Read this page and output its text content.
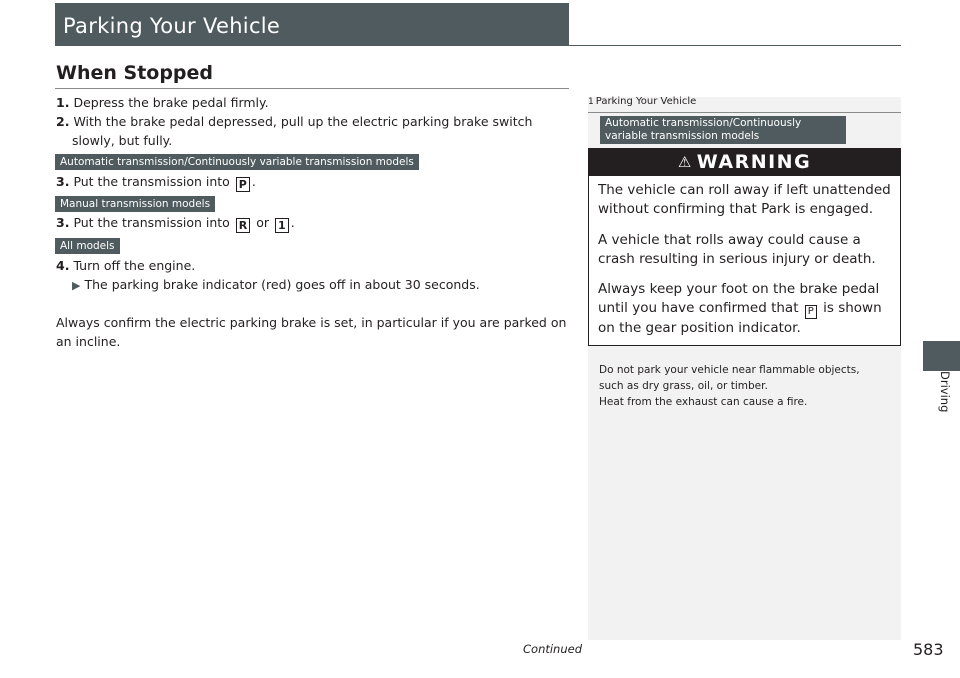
Parking Your Vehicle
When Stopped
1. Depress the brake pedal firmly.
2. With the brake pedal depressed, pull up the electric parking brake switch slowly, but fully.
Automatic transmission/Continuously variable transmission models
3. Put the transmission into P .
Manual transmission models
3. Put the transmission into R or 1 .
All models
4. Turn off the engine.
▶ The parking brake indicator (red) goes off in about 30 seconds.
Always confirm the electric parking brake is set, in particular if you are parked on an incline.
1 Parking Your Vehicle
Automatic transmission/Continuously variable transmission models
⚠ WARNING
The vehicle can roll away if left unattended without confirming that Park is engaged.
A vehicle that rolls away could cause a crash resulting in serious injury or death.
Always keep your foot on the brake pedal until you have confirmed that P is shown on the gear position indicator.
Do not park your vehicle near flammable objects,
such as dry grass, oil, or timber.
Heat from the exhaust can cause a fire.	Driving
Continued	583
